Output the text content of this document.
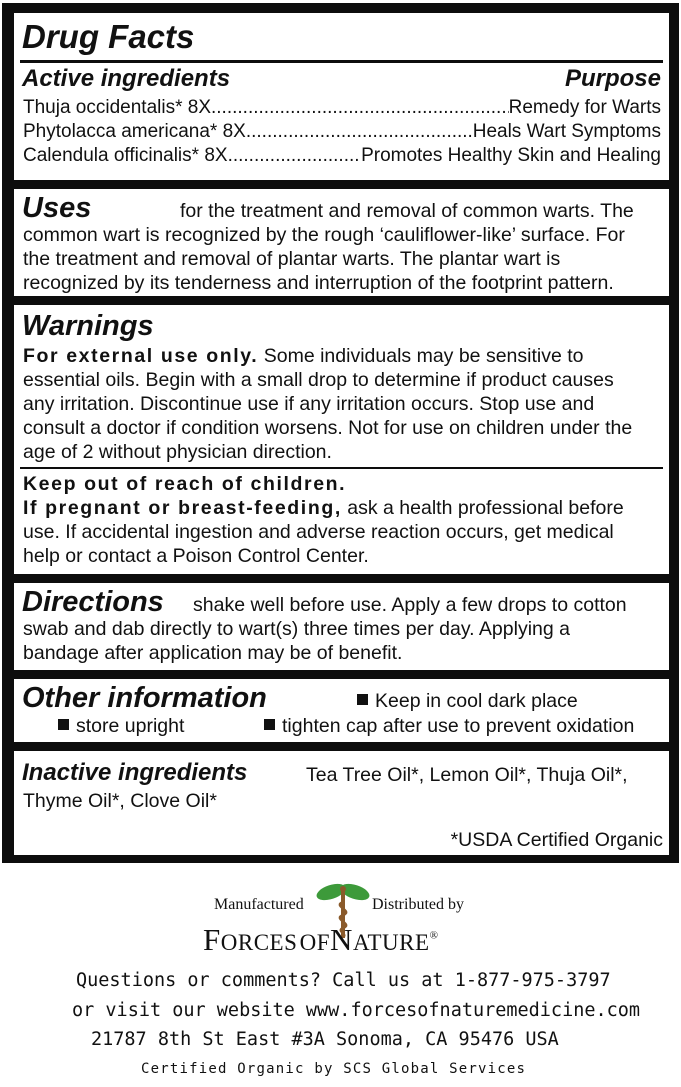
Drug Facts
Active ingredients	Purpose
Thuja occidentalis* 8X .....	Remedy for Warts
Phytolacca americana* 8X .....	Heals Wart Symptoms
Calendula officinalis* 8X .....	Promotes Healthy Skin and Healing
Uses	for the treatment and removal of common warts. The
common wart is recognized by the rough ‘cauliflower-like’ surface. For
the treatment and removal of plantar warts. The plantar wart is
recognized by its tenderness and interruption of the footprint pattern.
Warnings
For external use only. Some individuals may be sensitive to
essential oils. Begin with a small drop to determine if product causes
any irritation. Discontinue use if any irritation occurs. Stop use and
consult a doctor if condition worsens. Not for use on children under the
age of 2 without physician direction.
Keep out of reach of children.
If pregnant or breast-feeding, ask a health professional before
use. If accidental ingestion and adverse reaction occurs, get medical
help or contact a Poison Control Center.
Directions	shake well before use. Apply a few drops to cotton
swab and dab directly to wart(s) three times per day. Applying a
bandage after application may be of benefit.
Other information	Keep in cool dark place
store upright	tighten cap after use to prevent oxidation
Inactive ingredients	Tea Tree Oil*, Lemon Oil*, Thuja Oil*,
Thyme Oil*, Clove Oil*
*USDA Certified Organic
Manufactured	Distributed by
FORCES OFNATURE®
Questions or comments? Call us at 1-877-975-3797
or visit our website www.forcesofnaturemedicine.com
21787 8th St East #3A Sonoma, CA 95476 USA
Certified Organic by SCS Global Services
